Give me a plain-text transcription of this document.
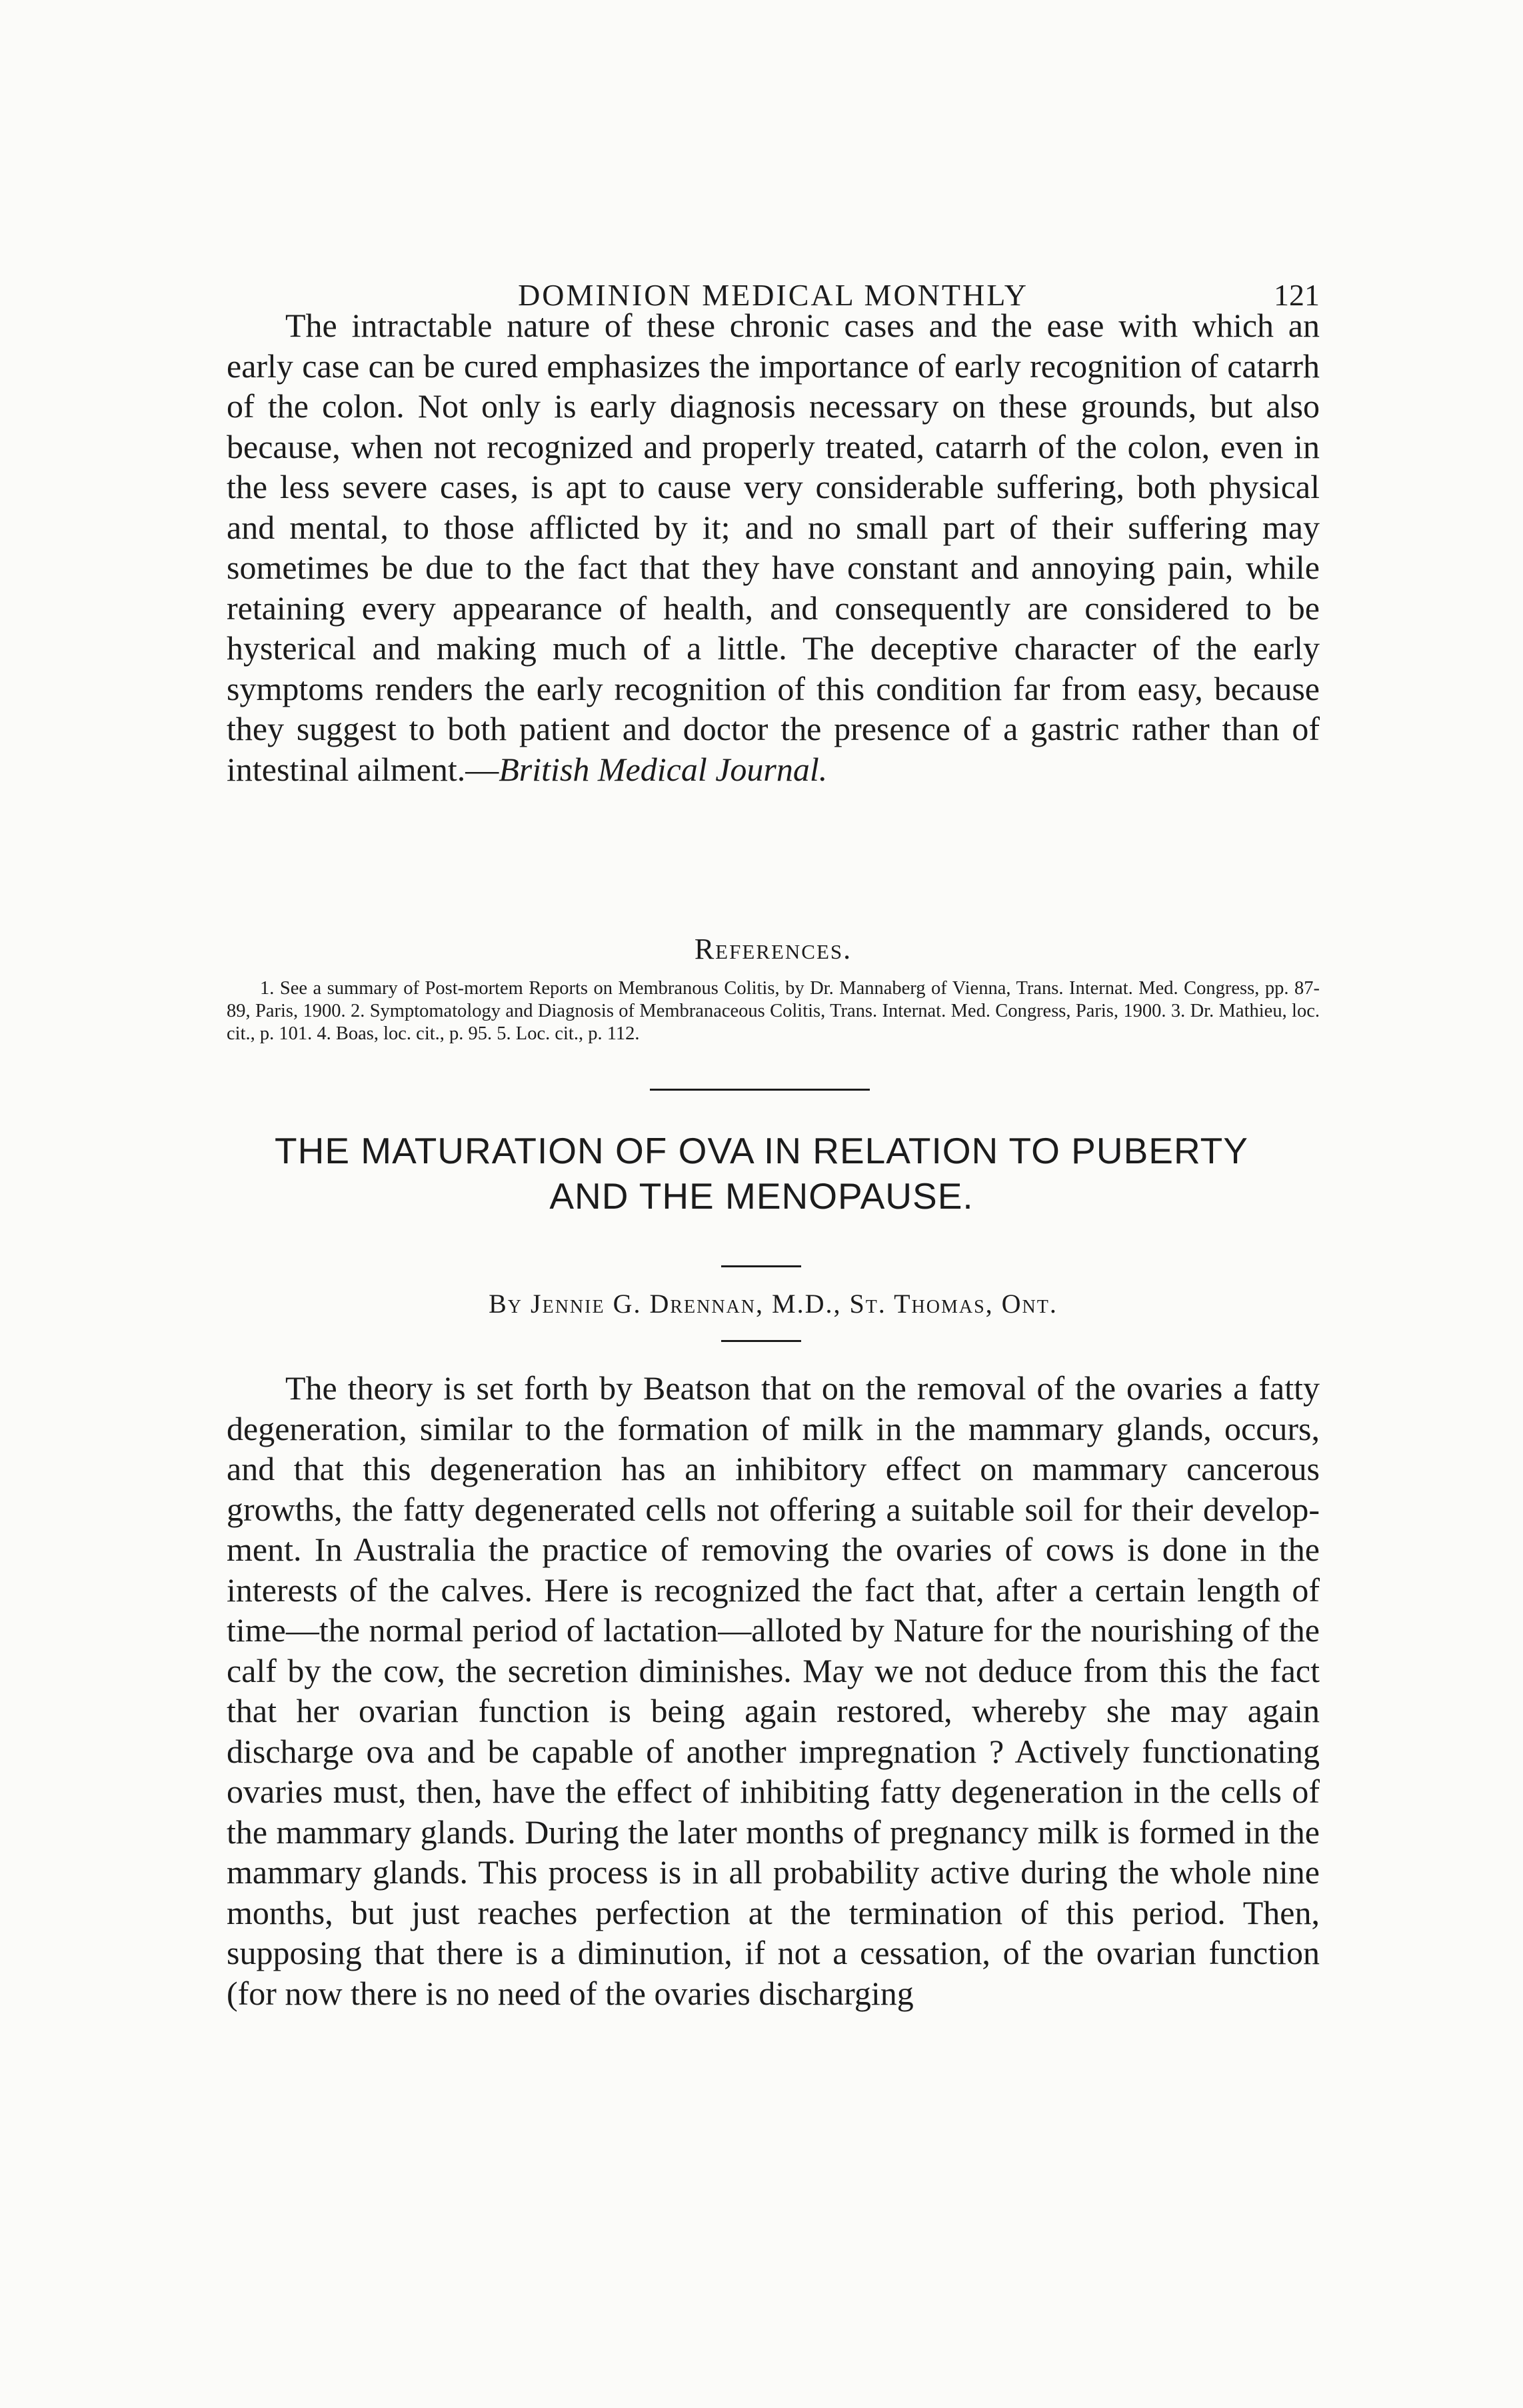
DOMINION MEDICAL MONTHLY	121

The intractable nature of these chronic cases and the ease with which an early case can be cured emphasizes the importance of early recognition of catarrh of the colon. Not only is early diagnosis necessary on these grounds, but also because, when not recognized and properly treated, catarrh of the colon, even in the less severe cases, is apt to cause very considerable suffering, both physical and mental, to those afflicted by it; and no small part of their suffering may sometimes be due to the fact that they have constant and annoying pain, while retaining every appearance of health, and consequently are considered to be hysterical and making much of a little. The deceptive character of the early symptoms renders the early recognition of this condition far from easy, because they suggest to both patient and doctor the presence of a gastric rather than of intestinal ailment.—British Medical Journal.

References.
1. See a summary of Post-mortem Reports on Membranous Colitis, by Dr. Mannaberg of Vienna, Trans. Internat. Med. Congress, pp. 87-89, Paris, 1900. 2. Symptomatology and Diagnosis of Membranaceous Colitis, Trans. Internat. Med. Congress, Paris, 1900. 3. Dr. Mathieu, loc. cit., p. 101. 4. Boas, loc. cit., p. 95. 5. Loc. cit., p. 112.
THE MATURATION OF OVA IN RELATION TO PUBERTY
AND THE MENOPAUSE.
By Jennie G. Drennan, M.D., St. Thomas, Ont.

The theory is set forth by Beatson that on the removal of the ovaries a fatty degeneration, similar to the formation of milk in the mammary glands, occurs, and that this degeneration has an inhibitory effect on mammary cancerous growths, the fatty degenerated cells not offering a suitable soil for their development. In Australia the practice of removing the ovaries of cows is done in the interests of the calves. Here is recognized the fact that, after a certain length of time—the normal period of lactation—alloted by Nature for the nourishing of the calf by the cow, the secretion diminishes. May we not deduce from this the fact that her ovarian function is being again restored, whereby she may again discharge ova and be capable of another impregnation ? Actively functionating ovaries must, then, have the effect of inhibiting fatty degeneration in the cells of the mammary glands. During the later months of pregnancy milk is formed in the mammary glands. This process is in all probability active during the whole nine months, but just reaches perfection at the termination of this period. Then, supposing that there is a diminution, if not a cessation, of the ovarian function (for now there is no need of the ovaries discharging
